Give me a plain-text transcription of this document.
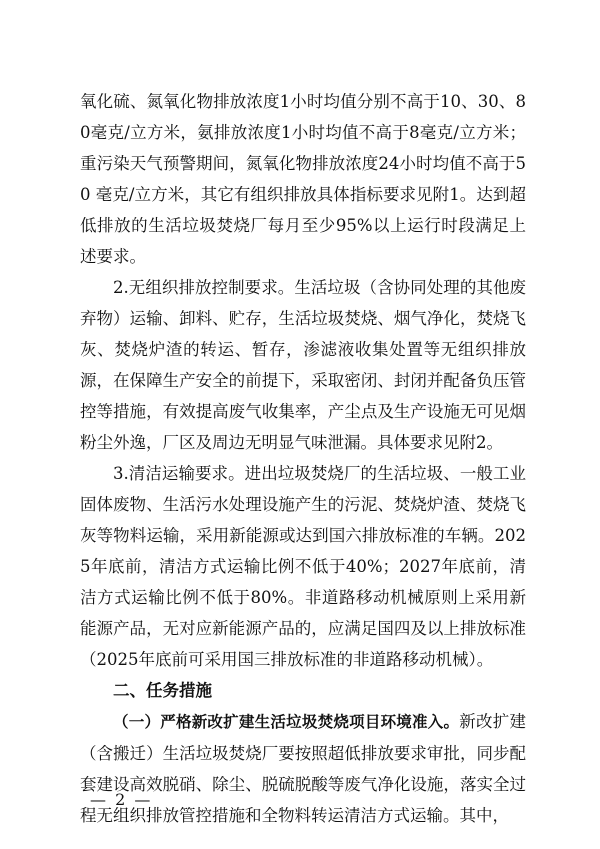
氧化硫、氮氧化物排放浓度1小时均值分别不高于10、30、80毫克/立方米，氨排放浓度1小时均值不高于8毫克/立方米；重污染天气预警期间，氮氧化物排放浓度24小时均值不高于50 毫克/立方米，其它有组织排放具体指标要求见附1。达到超低排放的生活垃圾焚烧厂每月至少95%以上运行时段满足上述要求。

2.无组织排放控制要求。生活垃圾（含协同处理的其他废弃物）运输、卸料、贮存，生活垃圾焚烧、烟气净化，焚烧飞灰、焚烧炉渣的转运、暂存，渗滤液收集处置等无组织排放源，在保障生产安全的前提下，采取密闭、封闭并配备负压管控等措施，有效提高废气收集率，产尘点及生产设施无可见烟粉尘外逸，厂区及周边无明显气味泄漏。具体要求见附2。

3.清洁运输要求。进出垃圾焚烧厂的生活垃圾、一般工业固体废物、生活污水处理设施产生的污泥、焚烧炉渣、焚烧飞灰等物料运输，采用新能源或达到国六排放标准的车辆。2025年底前，清洁方式运输比例不低于40%；2027年底前，清洁方式运输比例不低于80%。非道路移动机械原则上采用新能源产品，无对应新能源产品的，应满足国四及以上排放标准（2025年底前可采用国三排放标准的非道路移动机械）。

二、任务措施

（一）严格新改扩建生活垃圾焚烧项目环境准入。新改扩建（含搬迁）生活垃圾焚烧厂要按照超低排放要求审批，同步配套建设高效脱硝、除尘、脱硫脱酸等废气净化设施，落实全过程无组织排放管控措施和全物料转运清洁方式运输。其中，

— 2 —
